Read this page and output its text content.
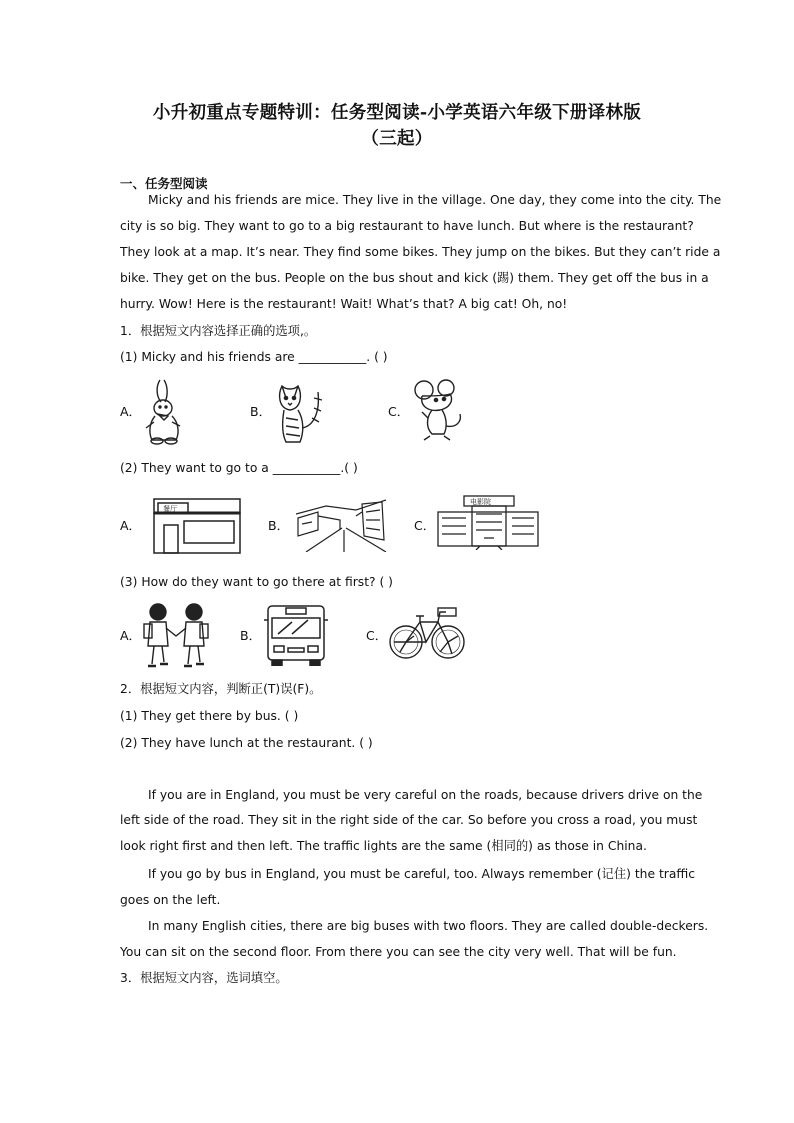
小升初重点专题特训：任务型阅读-小学英语六年级下册译林版
（三起）
一、任务型阅读
Micky and his friends are mice. They live in the village. One day, they come into the city. The
city is so big. They want to go to a big restaurant to have lunch. But where is the restaurant?
They look at a map. It’s near. They find some bikes. They jump on the bikes. But they can’t ride a
bike. They get on the bus. People on the bus shout and kick (踢) them. They get off the bus in a
hurry. Wow! Here is the restaurant! Wait! What’s that? A big cat! Oh, no!
1．根据短文内容选择正确的选项,。
(1) Micky and his friends are ___________. ( )
A．	B．	C．
(2) They want to go to a ___________.( )
A．
餐厅
B．	C．
电影院
(3) How do they want to go there at first? ( )
A．	B．	C．
2．根据短文内容，判断正(T)误(F)。
(1) They get there by bus. ( )
(2) They have lunch at the restaurant. ( )
If you are in England, you must be very careful on the roads, because drivers drive on the
left side of the road. They sit in the right side of the car. So before you cross a road, you must
look right first and then left. The traffic lights are the same (相同的) as those in China.
If you go by bus in England, you must be careful, too. Always remember (记住) the traffic
goes on the left.
In many English cities, there are big buses with two floors. They are called double-deckers.
You can sit on the second floor. From there you can see the city very well. That will be fun.
3．根据短文内容，选词填空。
